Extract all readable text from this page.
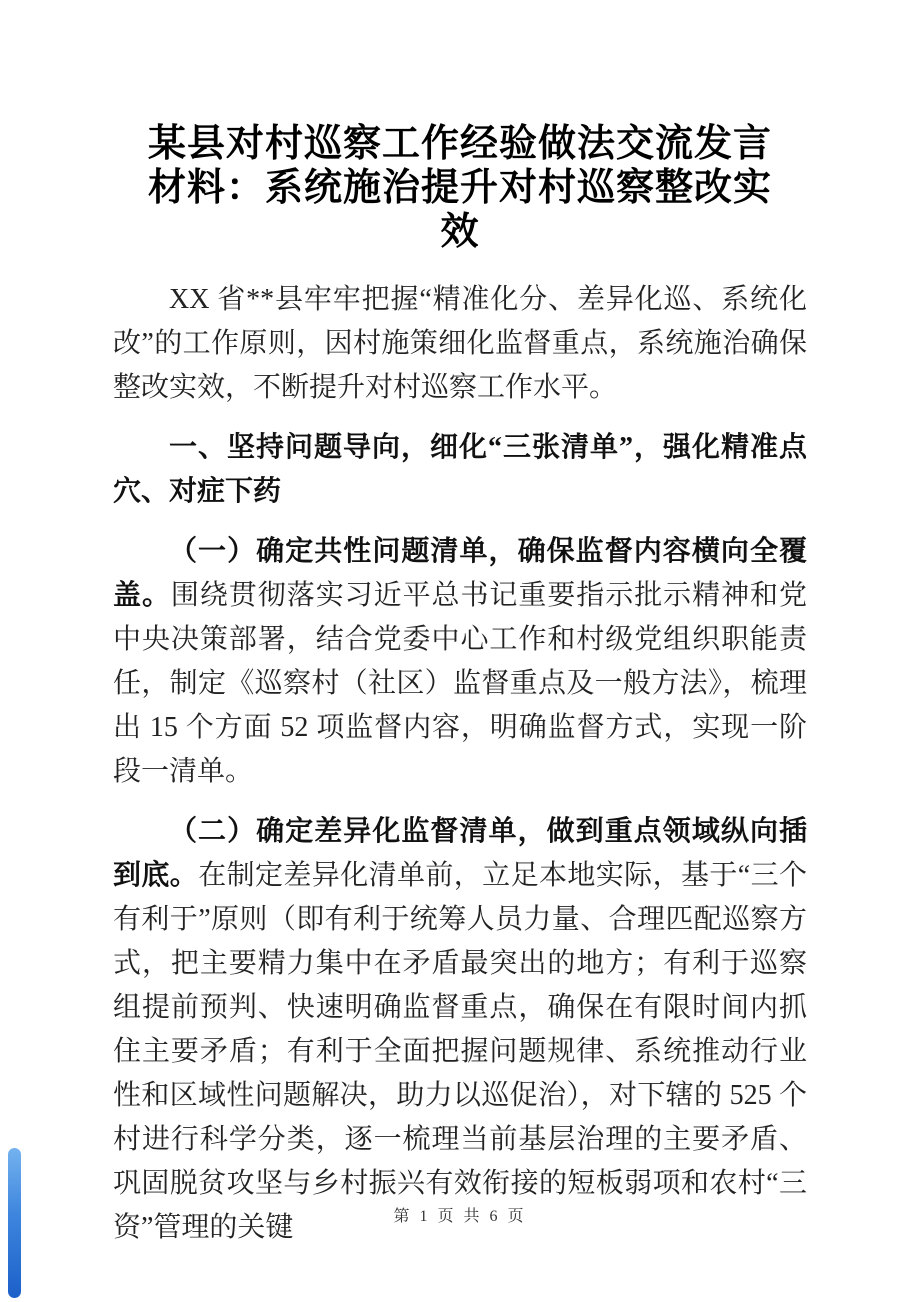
某县对村巡察工作经验做法交流发言材料：系统施治提升对村巡察整改实效

XX 省**县牢牢把握“精准化分、差异化巡、系统化改”的工作原则，因村施策细化监督重点，系统施治确保整改实效，不断提升对村巡察工作水平。

一、坚持问题导向，细化“三张清单”，强化精准点穴、对症下药

（一）确定共性问题清单，确保监督内容横向全覆盖。围绕贯彻落实习近平总书记重要指示批示精神和党中央决策部署，结合党委中心工作和村级党组织职能责任，制定《巡察村（社区）监督重点及一般方法》，梳理出 15 个方面 52 项监督内容，明确监督方式，实现一阶段一清单。

（二）确定差异化监督清单，做到重点领域纵向插到底。在制定差异化清单前，立足本地实际，基于“三个有利于”原则（即有利于统筹人员力量、合理匹配巡察方式，把主要精力集中在矛盾最突出的地方；有利于巡察组提前预判、快速明确监督重点，确保在有限时间内抓住主要矛盾；有利于全面把握问题规律、系统推动行业性和区域性问题解决，助力以巡促治），对下辖的 525 个村进行科学分类，逐一梳理当前基层治理的主要矛盾、巩固脱贫攻坚与乡村振兴有效衔接的短板弱项和农村“三资”管理的关键	第 1 页 共 6 页
